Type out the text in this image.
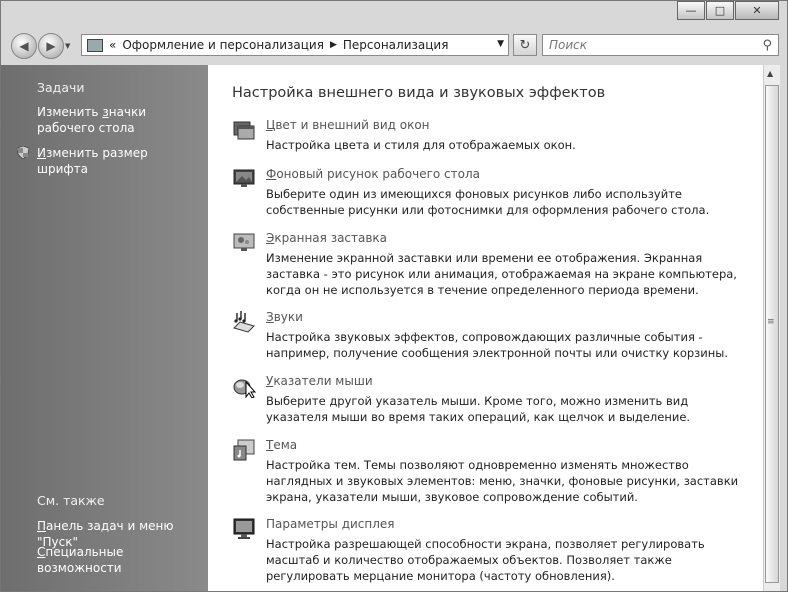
— □ ✕
◀ ▶ ▼	« Оформление и персонализация ▶ Персонализация	▼ ↻ Поиск	⚲
Задачи
Изменить значки рабочего стола
Изменить размер шрифта
См. также
Панель задач и меню "Пуск"
Специальные возможности
Настройка внешнего вида и звуковых эффектов
Цвет и внешний вид окон
Настройка цвета и стиля для отображаемых окон.
Фоновый рисунок рабочего стола
Выберите один из имеющихся фоновых рисунков либо используйте собственные рисунки или фотоснимки для оформления рабочего стола.
Экранная заставка
Изменение экранной заставки или времени ее отображения. Экранная заставка - это рисунок или анимация, отображаемая на экране компьютера, когда он не используется в течение определенного периода времени.
Звуки
Настройка звуковых эффектов, сопровождающих различные события - например, получение сообщения электронной почты или очистку корзины.
Указатели мыши
Выберите другой указатель мыши. Кроме того, можно изменить вид указателя мыши во время таких операций, как щелчок и выделение.
Тема
Настройка тем. Темы позволяют одновременно изменять множество наглядных и звуковых элементов: меню, значки, фоновые рисунки, заставки экрана, указатели мыши, звуковое сопровождение событий.
Параметры дисплея
Настройка разрешающей способности экрана, позволяет регулировать масштаб и количество отображаемых объектов. Позволяет также регулировать мерцание монитора (частоту обновления).
▲
≡
